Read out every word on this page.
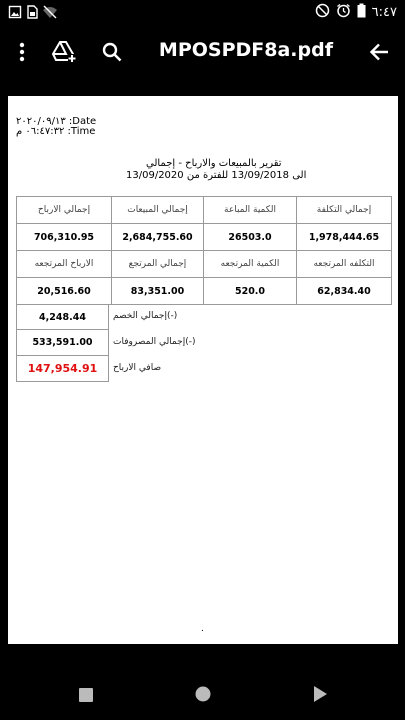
٦:٤٧
MPOSPDF8a.pdf
٢٠٢٠/٠٩/١٣ :Date
٠٦:٤٧:٣٢ م :Time
تقرير بالمبيعات والارباح - إجمالي
13/09/2020	الى 13/09/2018 للفترة من
إجمالي الارباح	إجمالي المبيعات	الكمية المباعة	إجمالي التكلفة
706,310.95	2,684,755.60	26503.0	1,978,444.65
الارباح المرتجعه	إجمالي المرتجع	الكمية المرتجعه	التكلفه المرتجعه
20,516.60	83,351.00	520.0	62,834.40
4,248.44	إجمالي الخصم(-)
533,591.00	إجمالي المصروفات(-)
147,954.91	صافي الارباح
.
